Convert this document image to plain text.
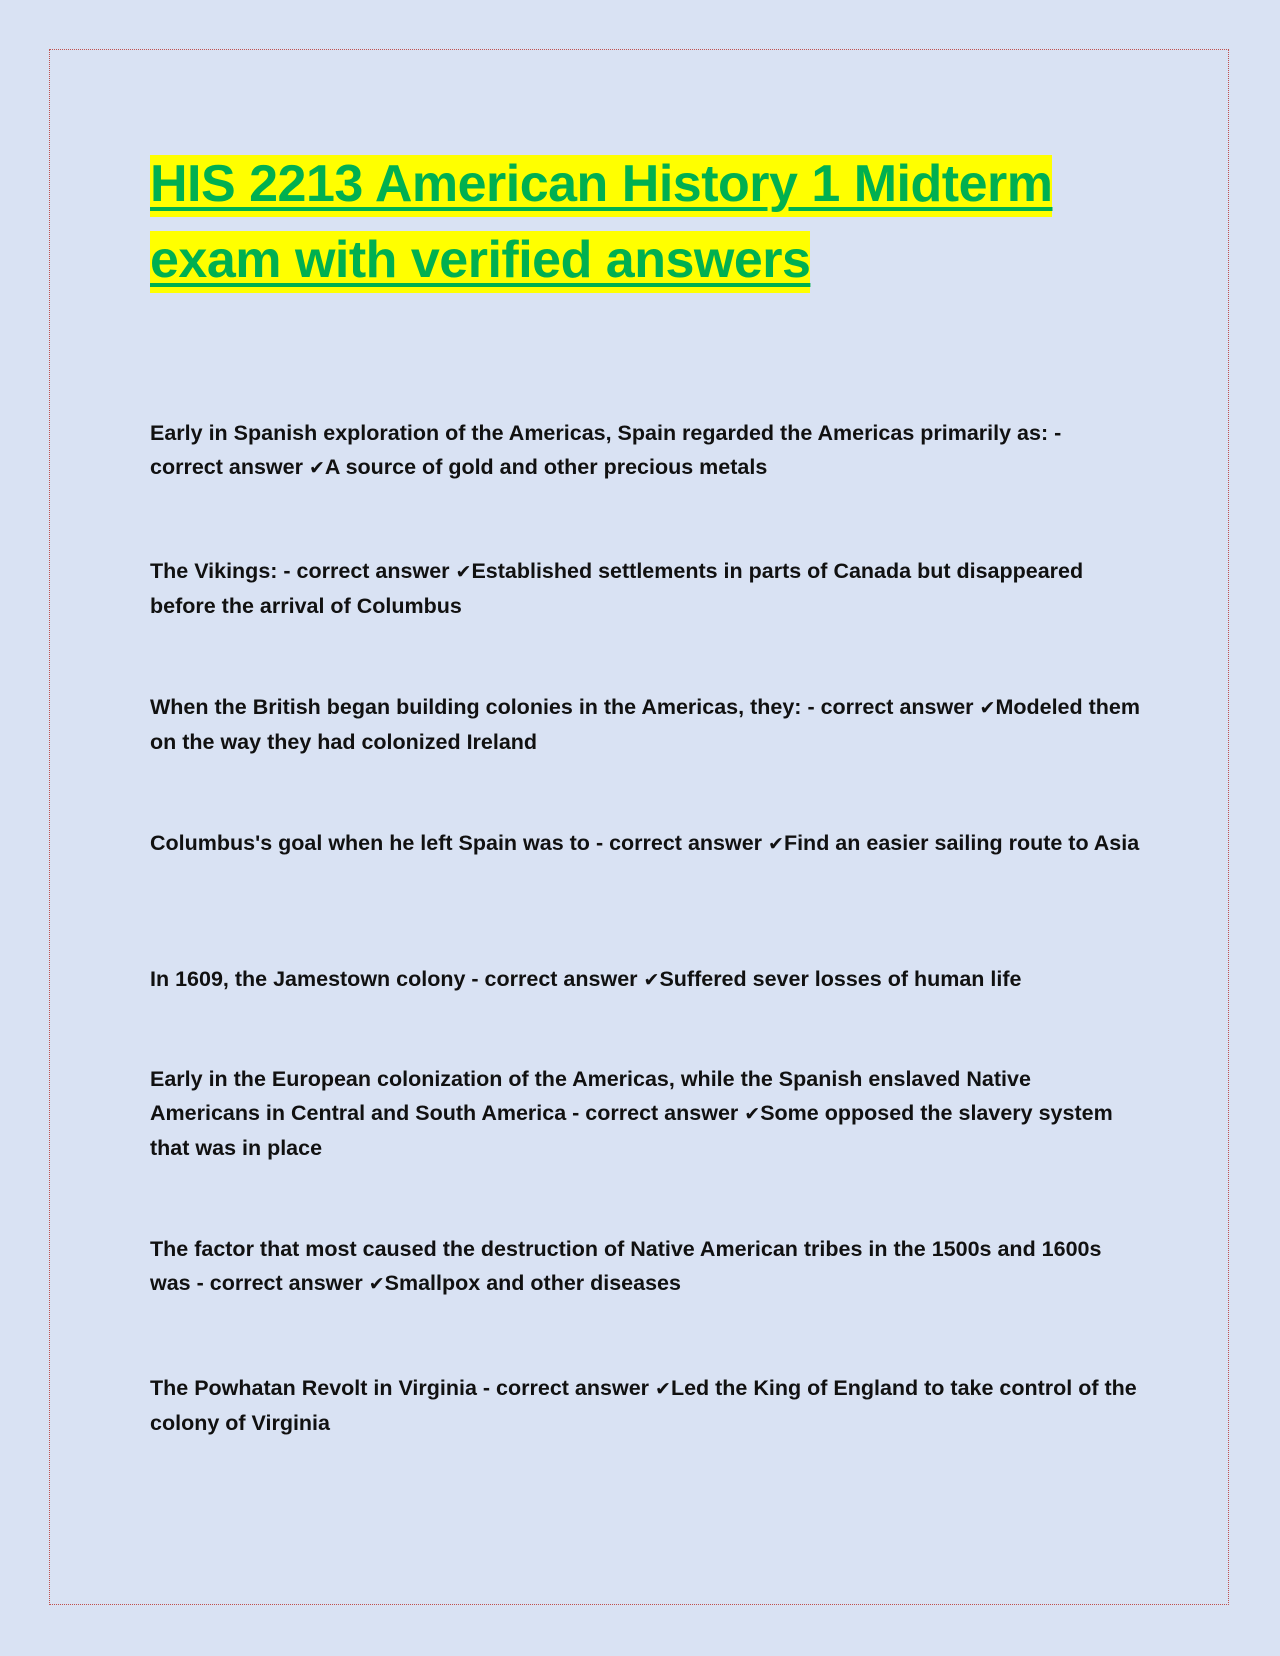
HIS 2213 American History 1 Midterm exam with verified answers

Early in Spanish exploration of the Americas, Spain regarded the Americas primarily as: - correct answer ✔A source of gold and other precious metals

The Vikings: - correct answer ✔Established settlements in parts of Canada but disappeared before the arrival of Columbus

When the British began building colonies in the Americas, they: - correct answer ✔Modeled them on the way they had colonized Ireland

Columbus's goal when he left Spain was to - correct answer ✔Find an easier sailing route to Asia

In 1609, the Jamestown colony - correct answer ✔Suffered sever losses of human life

Early in the European colonization of the Americas, while the Spanish enslaved Native Americans in Central and South America - correct answer ✔Some opposed the slavery system that was in place

The factor that most caused the destruction of Native American tribes in the 1500s and 1600s was - correct answer ✔Smallpox and other diseases

The Powhatan Revolt in Virginia - correct answer ✔Led the King of England to take control of the colony of Virginia
